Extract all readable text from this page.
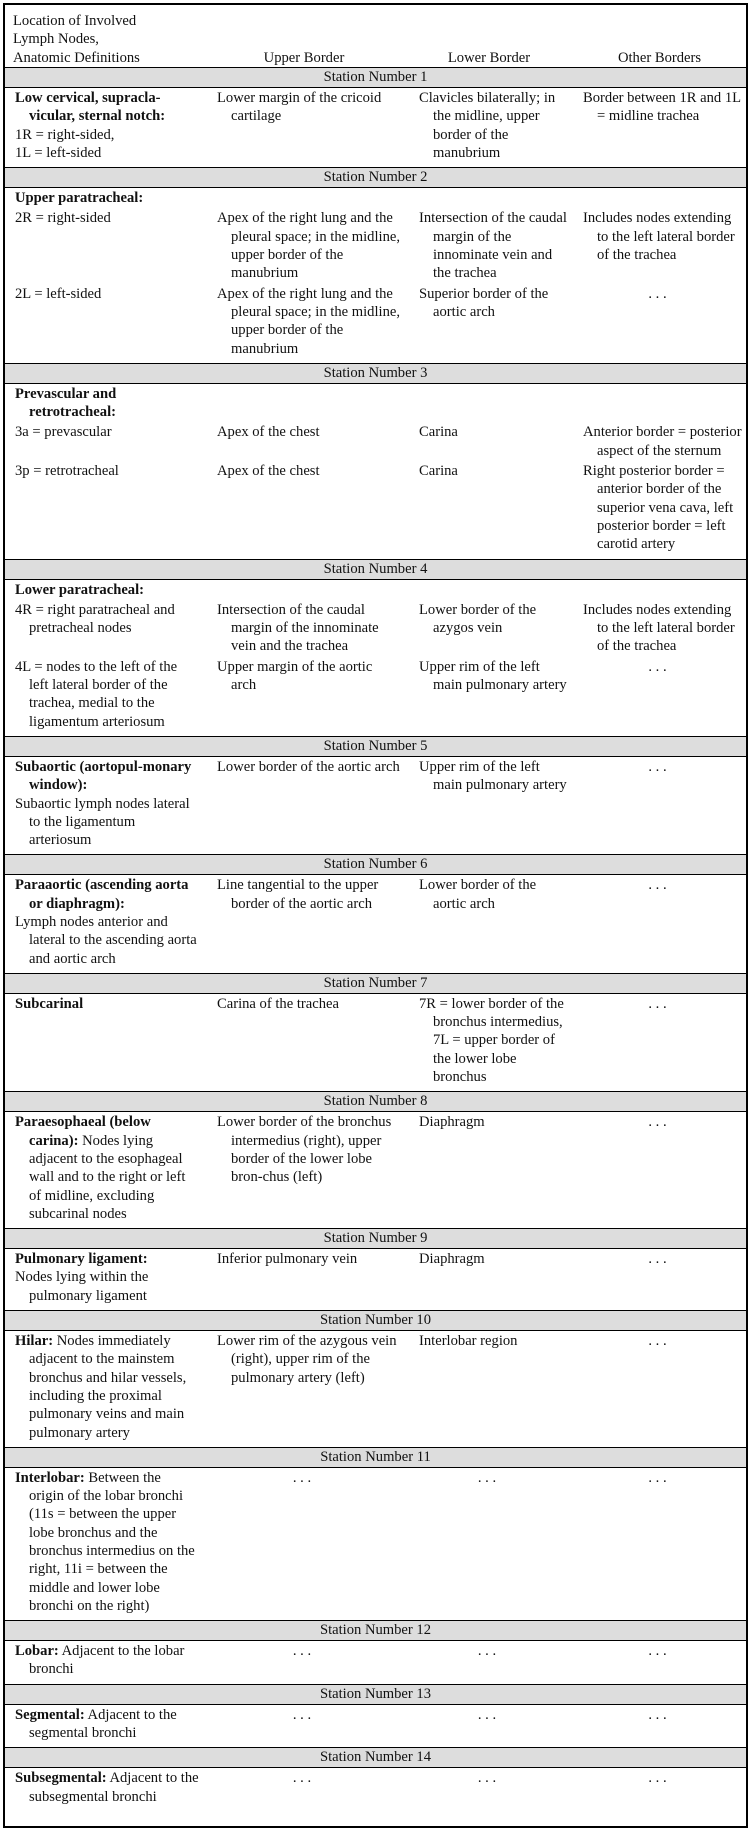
Location of Involved
Lymph Nodes,
Anatomic Definitions	Upper Border	Lower Border	Other Borders
Station Number 1			

Low cervical, supracla-vicular, sternal notch:
1R = right-sided,
1L = left-sided	Lower margin of the cricoid cartilage	Clavicles bilaterally; in the midline, upper border of the manubrium	Border between 1R and 1L = midline trachea

Station Number 2			

Upper paratracheal:			

2R = right-sided	Apex of the right lung and the pleural space; in the midline, upper border of the manubrium	Intersection of the caudal margin of the innominate vein and the trachea	Includes nodes extending to the left lateral border of the trachea

2L = left-sided	Apex of the right lung and the pleural space; in the midline, upper border of the manubrium	Superior border of the aortic arch	. . .

Station Number 3			

Prevascular and retrotracheal:			

3a = prevascular	Apex of the chest	Carina	Anterior border = posterior aspect of the sternum

3p = retrotracheal	Apex of the chest	Carina	Right posterior border = anterior border of the superior vena cava, left posterior border = left carotid artery

Station Number 4			

Lower paratracheal:			

4R = right paratracheal and pretracheal nodes	Intersection of the caudal margin of the innominate vein and the trachea	Lower border of the azygos vein	Includes nodes extending to the left lateral border of the trachea

4L = nodes to the left of the left lateral border of the trachea, medial to the ligamentum arteriosum	Upper margin of the aortic arch	Upper rim of the left main pulmonary artery	. . .

Station Number 5			

Subaortic (aortopul-monary window):
Subaortic lymph nodes lateral to the ligamentum arteriosum	Lower border of the aortic arch	Upper rim of the left main pulmonary artery	. . .

Station Number 6			

Paraaortic (ascending aorta or diaphragm):
Lymph nodes anterior and lateral to the ascending aorta and aortic arch	Line tangential to the upper border of the aortic arch	Lower border of the aortic arch	. . .

Station Number 7			

Subcarinal	Carina of the trachea	7R = lower border of the bronchus intermedius, 7L = upper border of the lower lobe bronchus	. . .

Station Number 8			

Paraesophaeal (below carina): Nodes lying adjacent to the esophageal wall and to the right or left of midline, excluding subcarinal nodes	Lower border of the bronchus intermedius (right), upper border of the lower lobe bron-chus (left)	Diaphragm	. . .

Station Number 9			

Pulmonary ligament:
Nodes lying within the pulmonary ligament	Inferior pulmonary vein	Diaphragm	. . .

Station Number 10			

Hilar: Nodes immediately adjacent to the mainstem bronchus and hilar vessels, including the proximal pulmonary veins and main pulmonary artery	Lower rim of the azygous vein (right), upper rim of the pulmonary artery (left)	Interlobar region	. . .

Station Number 11			

Interlobar: Between the origin of the lobar bronchi (11s = between the upper lobe bronchus and the bronchus intermedius on the right, 11i = between the middle and lower lobe bronchi on the right)	. . .	. . .	. . .

Station Number 12			

Lobar: Adjacent to the lobar bronchi	. . .	. . .	. . .

Station Number 13			

Segmental: Adjacent to the segmental bronchi	. . .	. . .	. . .

Station Number 14			

Subsegmental: Adjacent to the subsegmental bronchi	. . .	. . .	. . .
